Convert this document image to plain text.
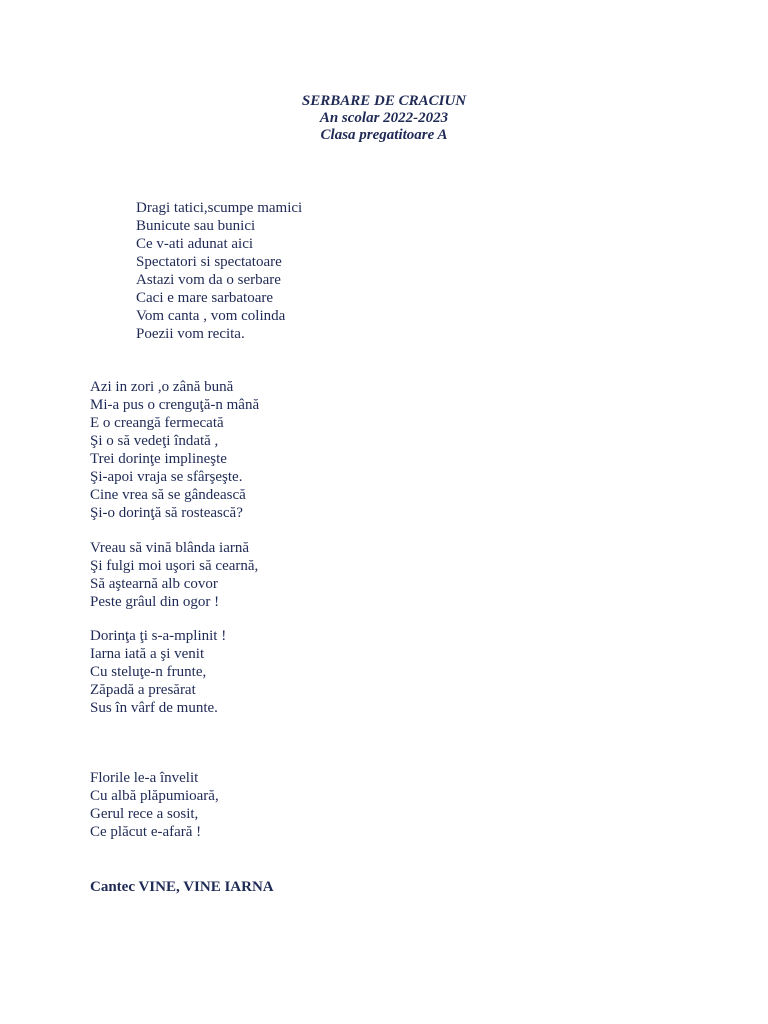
SERBARE DE CRACIUN
An scolar 2022-2023
Clasa pregatitoare A
Dragi tatici,scumpe mamici
Bunicute sau bunici
Ce v-ati adunat aici
Spectatori si spectatoare
Astazi vom da o serbare
Caci e mare sarbatoare
Vom canta , vom colinda
Poezii vom recita.
Azi in zori ,o zână bună
Mi-a pus o crenguţă-n mână
E o creangă fermecată
Şi o să vedeţi îndată ,
Trei dorinţe implineşte
Şi-apoi vraja se sfârşeşte.
Cine vrea să se gândească
Şi-o dorinţă să rostească?
Vreau să vină blânda iarnă
Şi fulgi moi uşori să cearnă,
Să aştearnă alb covor
Peste grâul din ogor !
Dorinţa ţi s-a-mplinit !
Iarna iată a şi venit
Cu steluţe-n frunte,
Zăpadă a presărat
Sus în vârf de munte.
Florile le-a învelit
Cu albă plăpumioară,
Gerul rece a sosit,
Ce plăcut e-afară !
Cantec VINE, VINE IARNA
